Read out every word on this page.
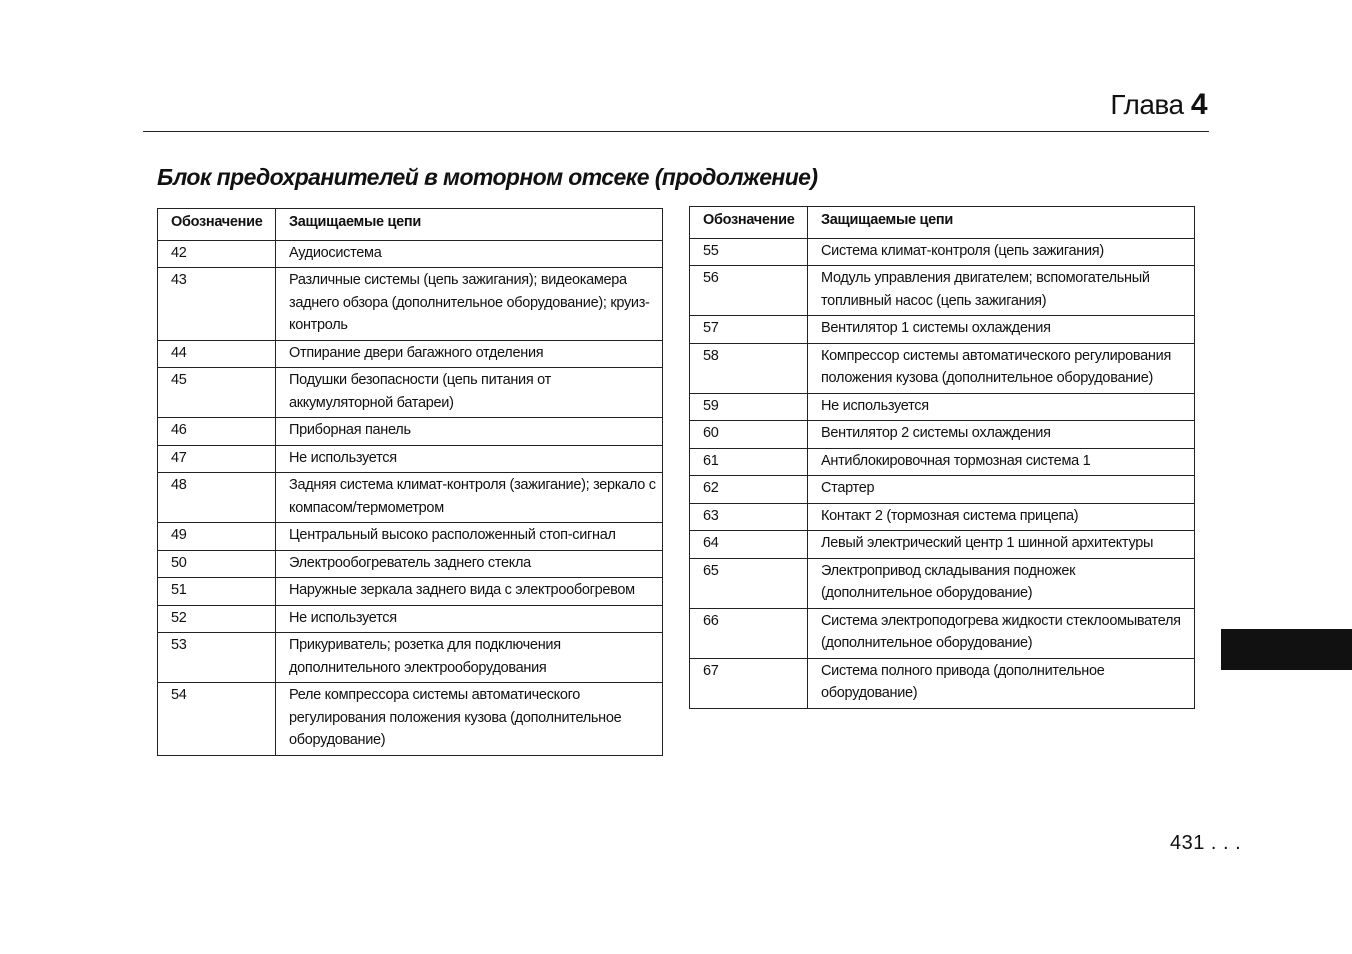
Глава 4
Блок предохранителей в моторном отсеке (продолжение)
Обозначение	Защищаемые цепи
42	Аудиосистема
43	Различные системы (цепь зажигания); видеокамера заднего обзора (дополнительное оборудование); круиз-контроль
44	Отпирание двери багажного отделения
45	Подушки безопасности (цепь питания от аккумуляторной батареи)
46	Приборная панель
47	Не используется
48	Задняя система климат-контроля (зажигание); зеркало с компасом/термометром
49	Центральный высоко расположенный стоп-сигнал
50	Электрообогреватель заднего стекла
51	Наружные зеркала заднего вида с электрообогревом
52	Не используется
53	Прикуриватель; розетка для подключения дополнительного электрооборудования
54	Реле компрессора системы автоматического регулирования положения кузова (дополнительное оборудование)
Обозначение	Защищаемые цепи
55	Система климат-контроля (цепь зажигания)
56	Модуль управления двигателем; вспомогательный топливный насос (цепь зажигания)
57	Вентилятор 1 системы охлаждения
58	Компрессор системы автоматического регулирования положения кузова (дополнительное оборудование)
59	Не используется
60	Вентилятор 2 системы охлаждения
61	Антиблокировочная тормозная система 1
62	Стартер
63	Контакт 2 (тормозная система прицепа)
64	Левый электрический центр 1 шинной архитектуры
65	Электропривод складывания подножек (дополнительное оборудование)
66	Система электроподогрева жидкости стеклоомывателя (дополнительное оборудование)
67	Система полного привода (дополнительное оборудование)
431 . . .
